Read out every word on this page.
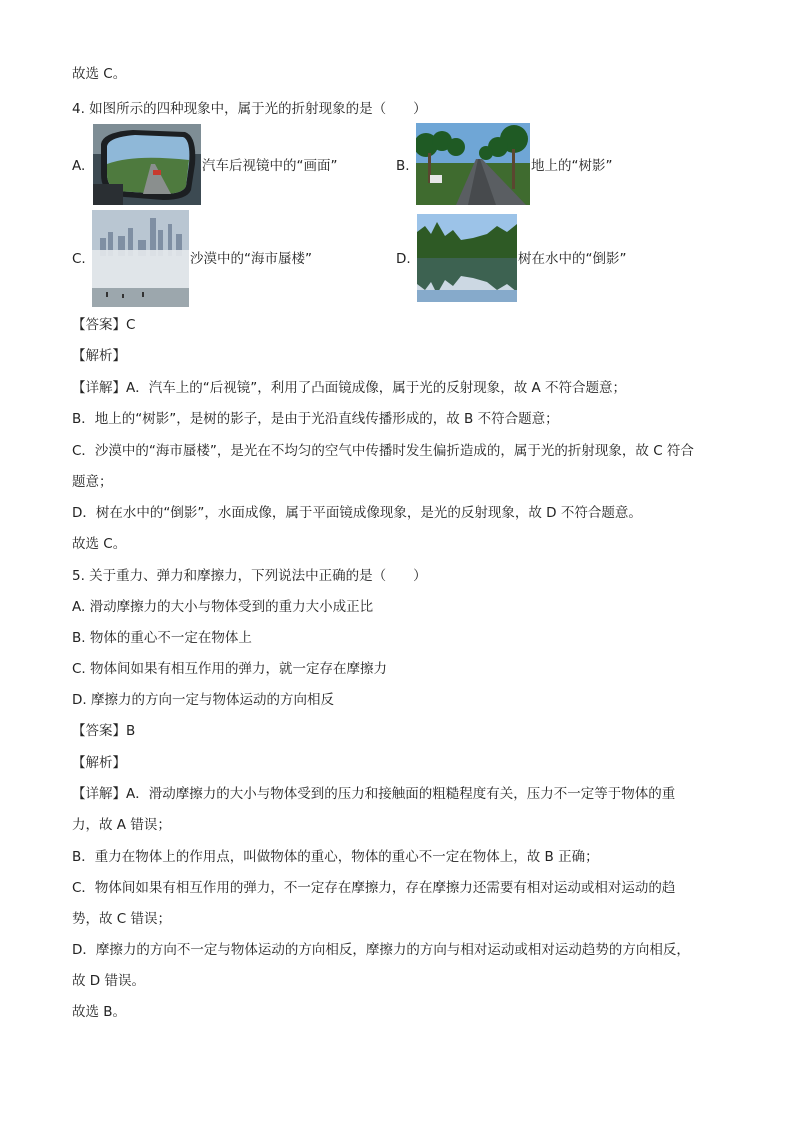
故选 C。
4. 如图所示的四种现象中，属于光的折射现象的是（　　）
A.	汽车后视镜中的“画面”	B.	地上的“树影”
C.	沙漠中的“海市蜃楼”	D.	树在水中的“倒影”
【答案】C
【解析】
【详解】A．汽车上的“后视镜”，利用了凸面镜成像，属于光的反射现象，故 A 不符合题意；
B．地上的“树影”，是树的影子，是由于光沿直线传播形成的，故 B 不符合题意；
C．沙漠中的“海市蜃楼”，是光在不均匀的空气中传播时发生偏折造成的，属于光的折射现象，故 C 符合
题意；
D．树在水中的“倒影”，水面成像，属于平面镜成像现象，是光的反射现象，故 D 不符合题意。
故选 C。
5. 关于重力、弹力和摩擦力，下列说法中正确的是（　　）
A. 滑动摩擦力的大小与物体受到的重力大小成正比
B. 物体的重心不一定在物体上
C. 物体间如果有相互作用的弹力，就一定存在摩擦力
D. 摩擦力的方向一定与物体运动的方向相反
【答案】B
【解析】
【详解】A．滑动摩擦力的大小与物体受到的压力和接触面的粗糙程度有关，压力不一定等于物体的重
力，故 A 错误；
B．重力在物体上的作用点，叫做物体的重心，物体的重心不一定在物体上，故 B 正确；
C．物体间如果有相互作用的弹力，不一定存在摩擦力，存在摩擦力还需要有相对运动或相对运动的趋
势，故 C 错误；
D．摩擦力的方向不一定与物体运动的方向相反，摩擦力的方向与相对运动或相对运动趋势的方向相反，
故 D 错误。
故选 B。
